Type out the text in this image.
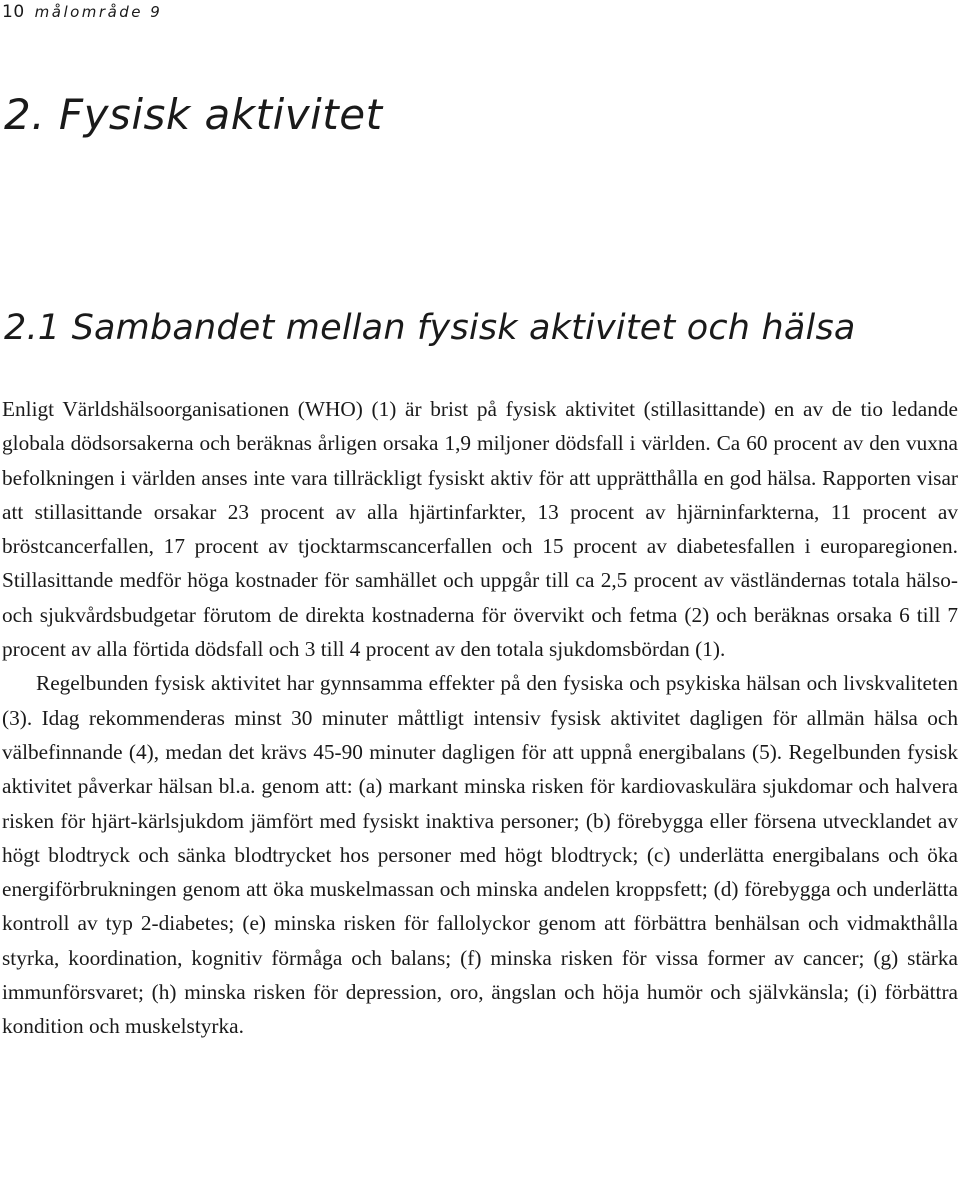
10 målområde 9
2. Fysisk aktivitet
2.1 Sambandet mellan fysisk aktivitet och hälsa

Enligt Världshälsoorganisationen (WHO) (1) är brist på fysisk aktivitet (stillasittande) en av de tio ledande globala dödsorsakerna och beräknas årligen orsaka 1,9 miljoner dödsfall i världen. Ca 60 procent av den vuxna befolkningen i världen anses inte vara tillräckligt fysiskt aktiv för att upprätthålla en god hälsa. Rapporten visar att stillasittande orsakar 23 procent av alla hjärtinfarkter, 13 procent av hjärninfarkterna, 11 procent av bröstcancerfallen, 17 procent av tjocktarmscancerfallen och 15 procent av diabetesfallen i europaregionen. Stillasittande medför höga kostnader för samhället och uppgår till ca 2,5 procent av västländernas totala hälso- och sjukvårdsbudgetar förutom de direkta kostnaderna för övervikt och fetma (2) och beräknas orsaka 6 till 7 procent av alla förtida dödsfall och 3 till 4 procent av den totala sjukdomsbördan (1).

Regelbunden fysisk aktivitet har gynnsamma effekter på den fysiska och psykiska hälsan och livskvaliteten (3). Idag rekommenderas minst 30 minuter måttligt intensiv fysisk aktivitet dagligen för allmän hälsa och välbefinnande (4), medan det krävs 45-90 minuter dagligen för att uppnå energibalans (5). Regelbunden fysisk aktivitet påverkar hälsan bl.a. genom att: (a) markant minska risken för kardiovaskulära sjukdomar och halvera risken för hjärt-kärlsjukdom jämfört med fysiskt inaktiva personer; (b) förebygga eller försena utvecklandet av högt blodtryck och sänka blodtrycket hos personer med högt blodtryck; (c) underlätta energibalans och öka energiförbrukningen genom att öka muskelmassan och minska andelen kroppsfett; (d) förebygga och underlätta kontroll av typ 2-diabetes; (e) minska risken för fallolyckor genom att förbättra benhälsan och vidmakthålla styrka, koordination, kognitiv förmåga och balans; (f) minska risken för vissa former av cancer; (g) stärka immunförsvaret; (h) minska risken för depression, oro, ängslan och höja humör och självkänsla; (i) förbättra kondition och muskelstyrka.
